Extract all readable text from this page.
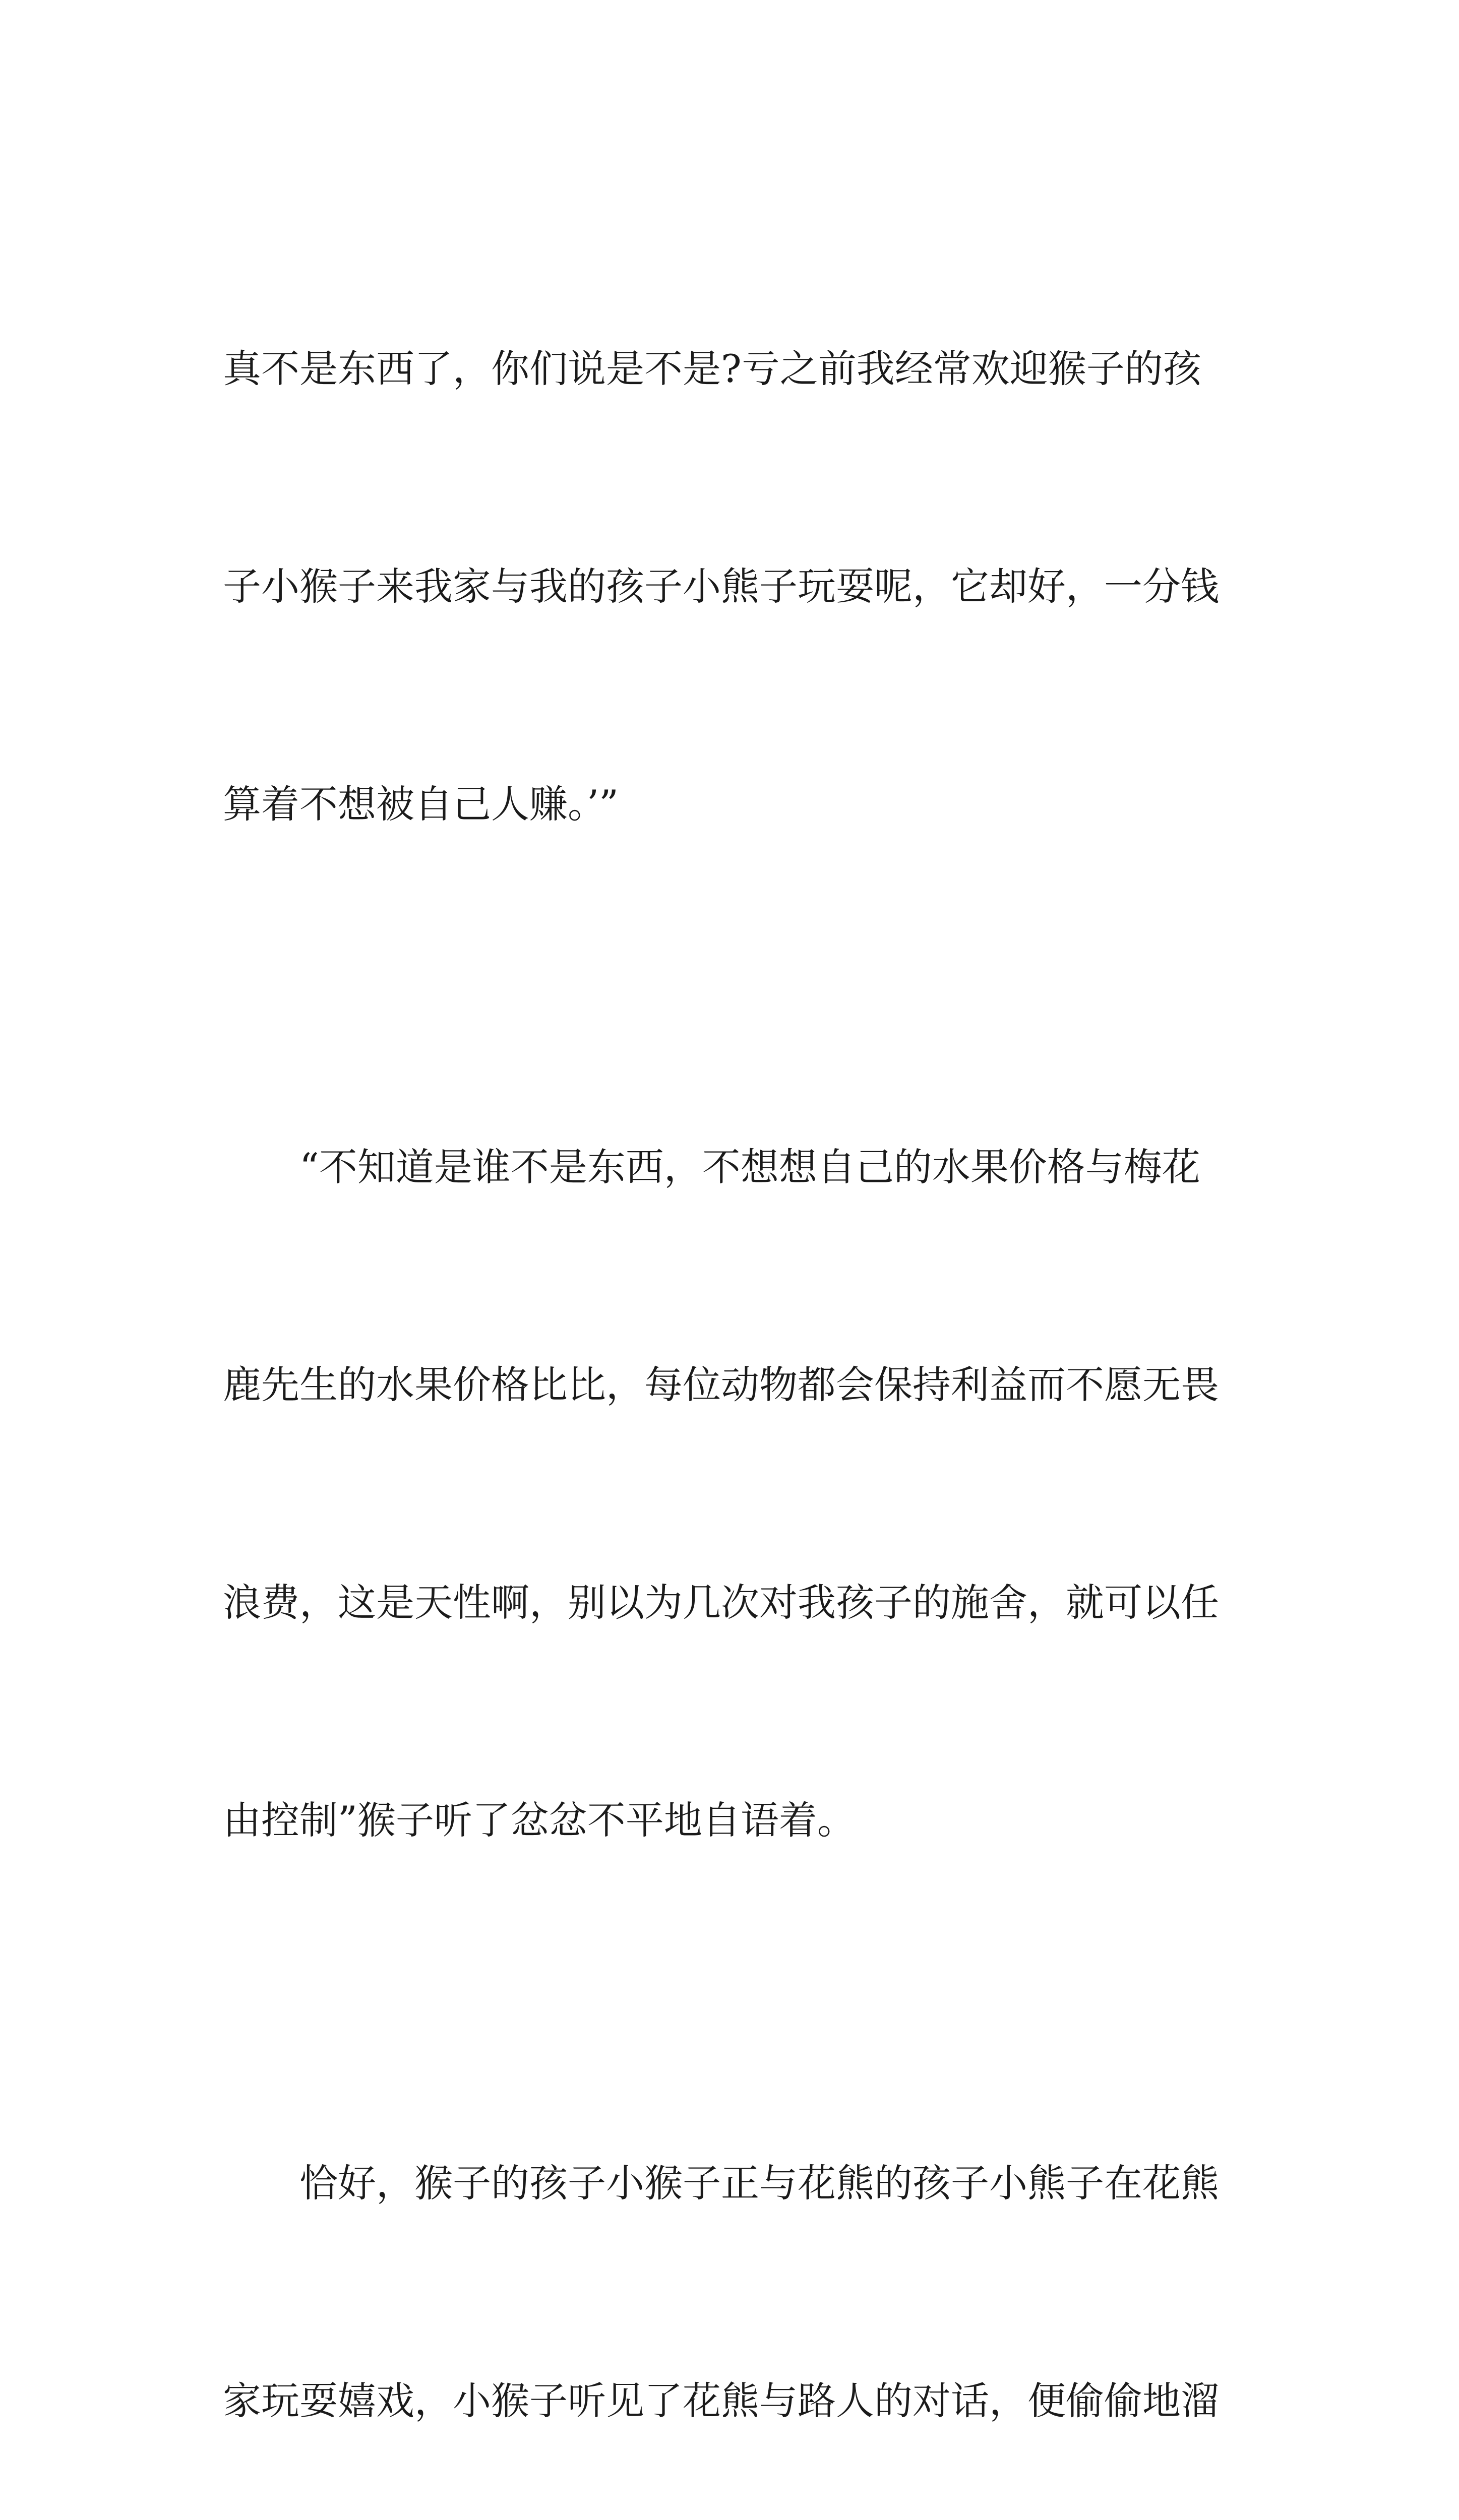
真不是东西了，你们说是不是?亏之前我经常欢迎猴子的孩

子小猴子来我家与我的孩子小熊子玩耍呢，它却好，一分钱

算着不想被自己人赚。’”

　　“不知道是谁不是东西，不想想自己的水果价格与梅花

鹿先生的水果价格比比，每位动物都会保持利益而不愿无畏

浪费，这是天性啊，别以为几次对我孩子的施舍，就可以任

由控制”猴子听了忿忿不平地自语着。

　　恰好，猴子的孩子小猴子正与花熊的孩子小熊子在花熊

家玩耍嬉戏，小猴子听见了花熊与路人的对话，便偷偷地溜
